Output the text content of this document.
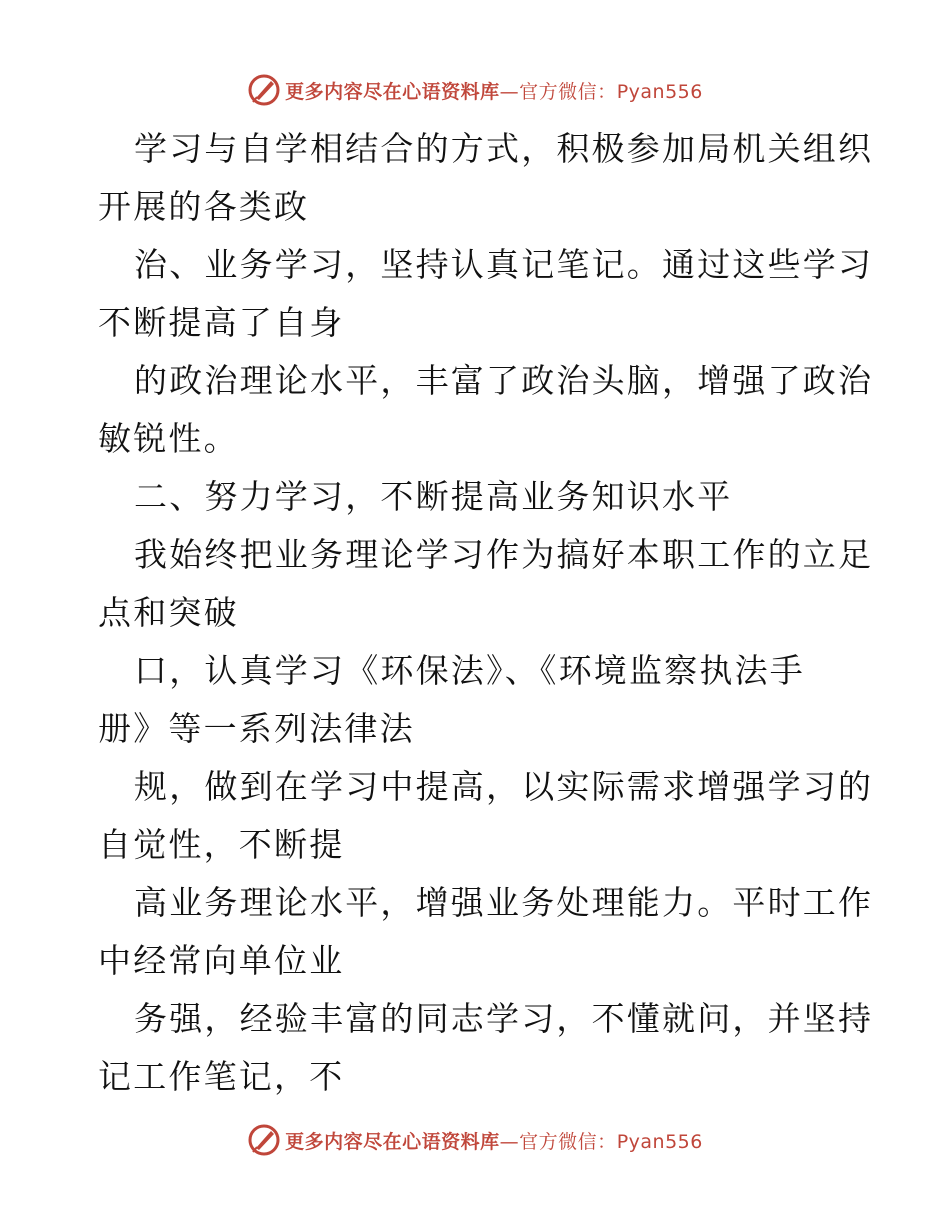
更多内容尽在心语资料库—官方微信：Pyan556
学习与自学相结合的方式，积极参加局机关组织
开展的各类政
治、业务学习，坚持认真记笔记。通过这些学习
不断提高了自身
的政治理论水平，丰富了政治头脑，增强了政治
敏锐性。
二、努力学习，不断提高业务知识水平
我始终把业务理论学习作为搞好本职工作的立足
点和突破
口，认真学习《环保法》、《环境监察执法手
册》等一系列法律法
规，做到在学习中提高，以实际需求增强学习的
自觉性，不断提
高业务理论水平，增强业务处理能力。平时工作
中经常向单位业
务强，经验丰富的同志学习，不懂就问，并坚持
记工作笔记，不
更多内容尽在心语资料库—官方微信：Pyan556
